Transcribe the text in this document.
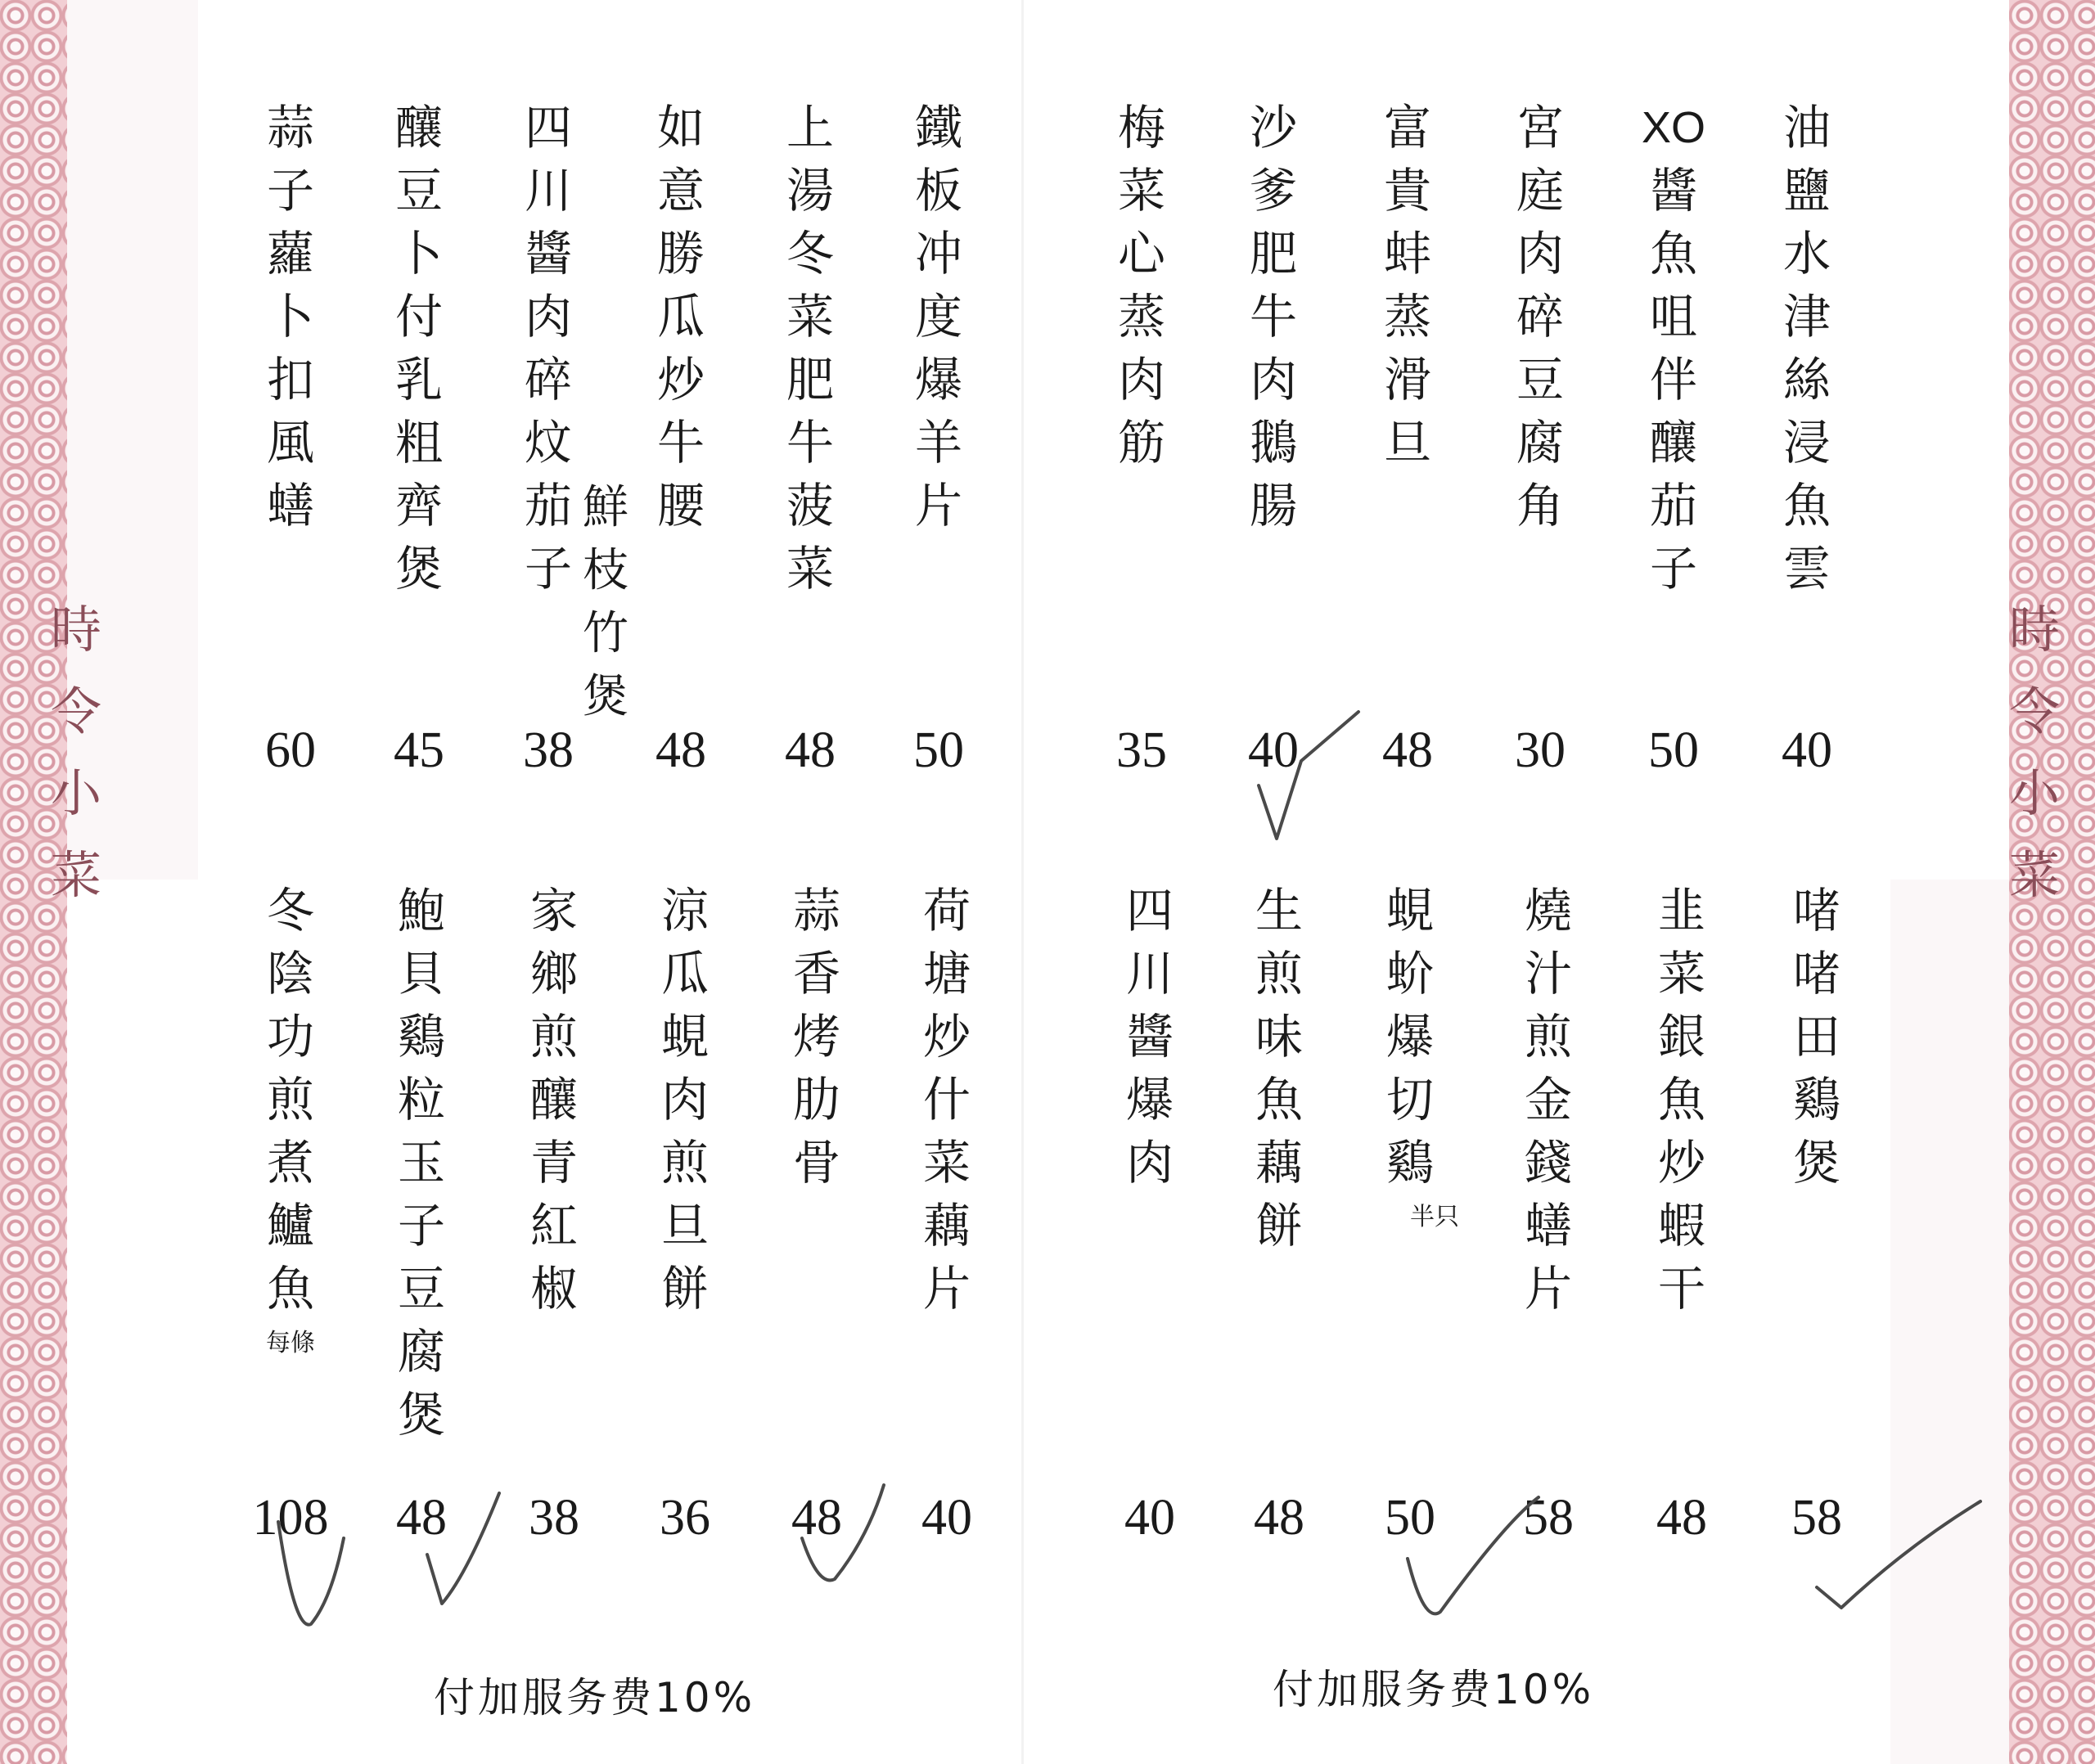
時令小菜
時令小菜
蒜
子
蘿
卜
扣
風
蟮
60
釀
豆
卜
付
乳
粗
齊
煲
45
四
川
醬
肉
碎
炆
茄
子
38
如
意
勝
瓜
炒
牛
腰
48
上
湯
冬
菜
肥
牛
菠
菜
48
鐵
板
冲
度
爆
羊
片
50
梅
菜
心
蒸
肉
筋
35
沙
爹
肥
牛
肉
鵝
腸
40
富
貴
蚌
蒸
滑
旦
48
宮
庭
肉
碎
豆
腐
角
30
XO
醬
魚
咀
伴
釀
茄
子
50
油
鹽
水
津
絲
浸
魚
雲
40
冬
陰
功
煎
煮
鱸
魚
每條
108
鮑
貝
鷄
粒
玉
子
豆
腐
煲
48
家
鄉
煎
釀
青
紅
椒
38
涼
瓜
蜆
肉
煎
旦
餅
36
蒜
香
烤
肋
骨
48
荷
塘
炒
什
菜
藕
片
40
四
川
醬
爆
肉
40
生
煎
味
魚
藕
餅
48
蜆
蚧
爆
切
鷄
半只
50
燒
汁
煎
金
錢
蟮
片
58
韭
菜
銀
魚
炒
蝦
干
48
啫
啫
田
鷄
煲
58
付加服务费10%	付加服务费10%
鮮枝竹煲
